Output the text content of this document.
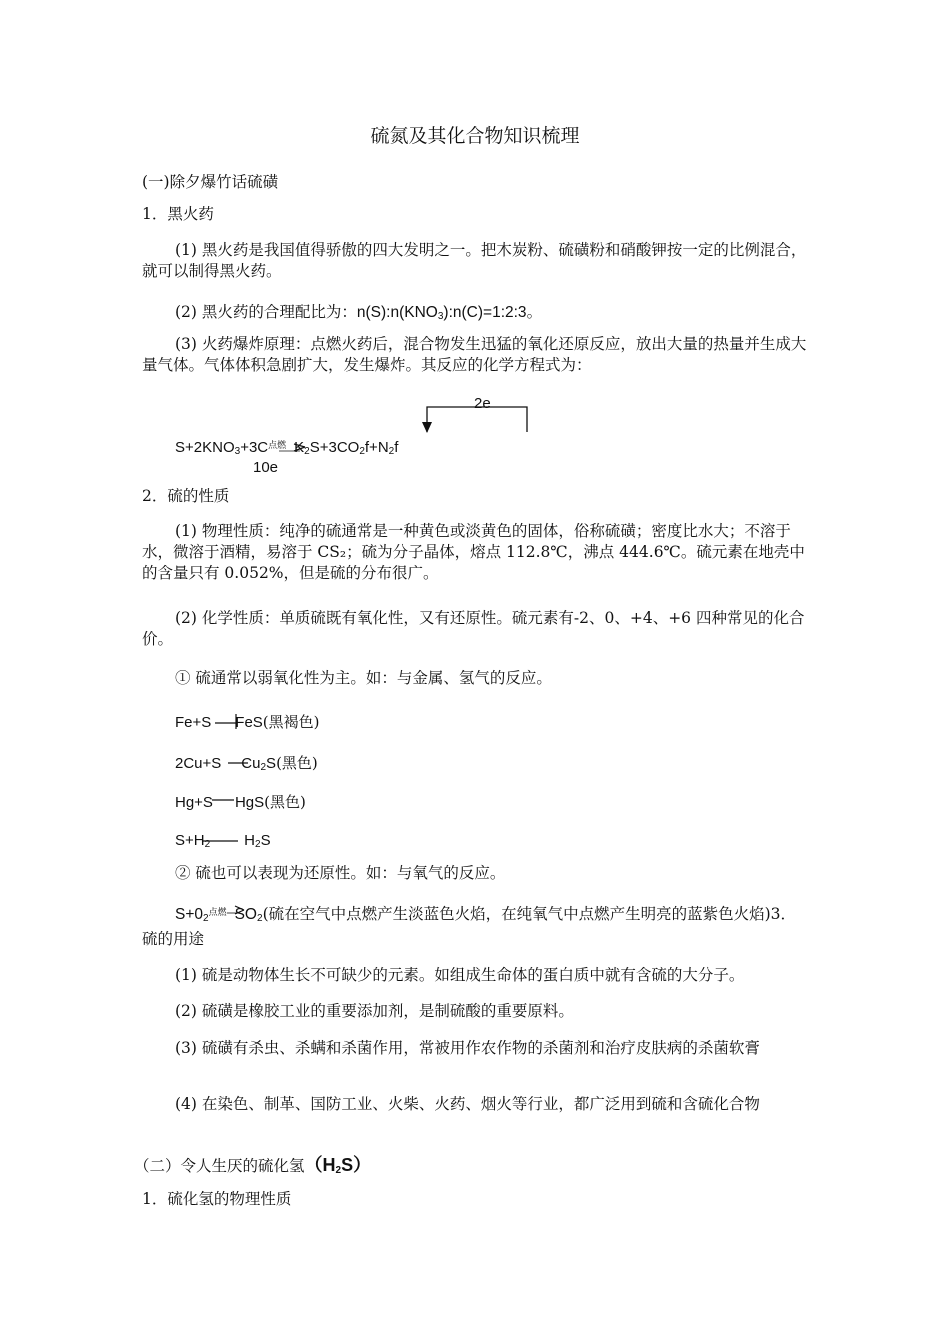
硫氮及其化合物知识梳理
(一)除夕爆竹话硫磺
1．黑火药
(1) 黑火药是我国值得骄傲的四大发明之一。把木炭粉、硫磺粉和硝酸钾按一定的比例混合，就可以制得黑火药。
(2) 黑火药的合理配比为：$n(S):n(KNO_3):n(C)=1:2:3$。
(3) 火药爆炸原理：点燃火药后，混合物发生迅猛的氧化还原反应，放出大量的热量并生成大量气体。气体体积急剧扩大，发生爆炸。其反应的化学方程式为：
2e
$S+2KNO_3+3C^{点燃}$ $K_2S+3CO_2f+N_2f$
10e
2．硫的性质
(1) 物理性质：纯净的硫通常是一种黄色或淡黄色的固体，俗称硫磺；密度比水大；不溶于水，微溶于酒精，易溶于 CS₂；硫为分子晶体，熔点 112.8℃，沸点 444.6℃。硫元素在地壳中的含量只有 0.052%，但是硫的分布很广。
(2) 化学性质：单质硫既有氧化性，又有还原性。硫元素有-2、0、+4、+6 四种常见的化合价。
① 硫通常以弱氧化性为主。如：与金属、氢气的反应。
Fe+S FeS(黑褐色)
2Cu+S $Cu_2S$(黑色)
Hg+S HgS(黑色)
$S+H_2$ $H_2S$
② 硫也可以表现为还原性。如：与氧气的反应。
$S+0_2^{点燃}$ $SO_2$(硫在空气中点燃产生淡蓝色火焰，在纯氧气中点燃产生明亮的蓝紫色火焰)3．硫的用途
(1) 硫是动物体生长不可缺少的元素。如组成生命体的蛋白质中就有含硫的大分子。
(2) 硫磺是橡胶工业的重要添加剂，是制硫酸的重要原料。
(3) 硫磺有杀虫、杀螨和杀菌作用，常被用作农作物的杀菌剂和治疗皮肤病的杀菌软膏
(4) 在染色、制革、国防工业、火柴、火药、烟火等行业，都广泛用到硫和含硫化合物
（二）令人生厌的硫化氢$(H_2S)$
1．硫化氢的物理性质
